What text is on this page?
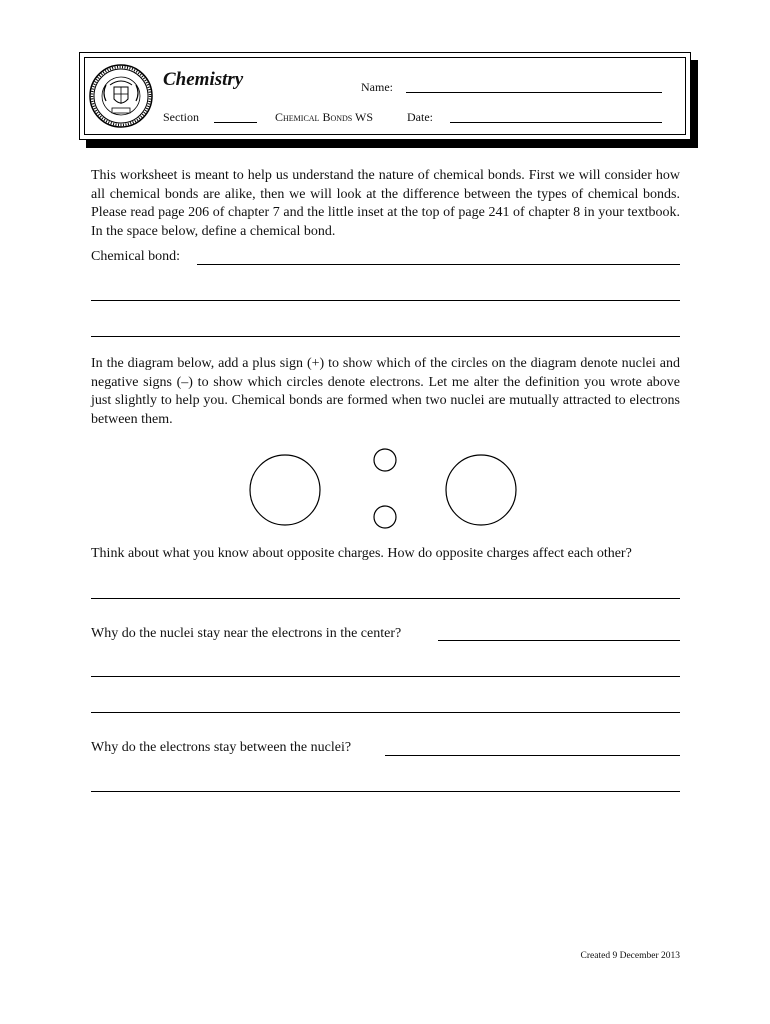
Chemistry	Name:
Section	Chemical Bonds WS	Date:
This worksheet is meant to help us understand the nature of chemical bonds. First we will consider how all chemical bonds are alike, then we will look at the difference between the types of chemical bonds. Please read page 206 of chapter 7 and the little inset at the top of page 241 of chapter 8 in your textbook. In the space below, define a chemical bond.
Chemical bond:
In the diagram below, add a plus sign (+) to show which of the circles on the diagram denote nuclei and negative signs (–) to show which circles denote electrons. Let me alter the definition you wrote above just slightly to help you. Chemical bonds are formed when two nuclei are mutually attracted to electrons between them.
Think about what you know about opposite charges. How do opposite charges affect each other?
Why do the nuclei stay near the electrons in the center?
Why do the electrons stay between the nuclei?
Created 9 December 2013
